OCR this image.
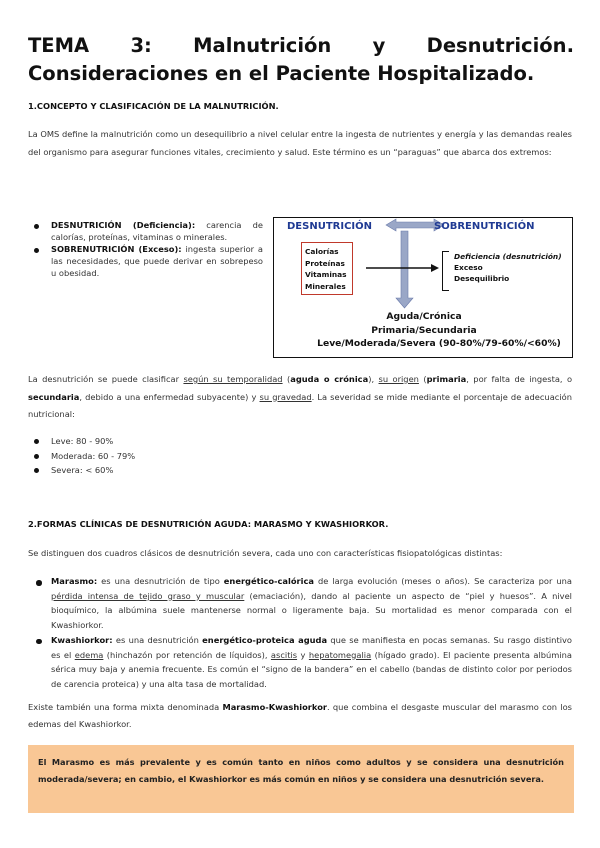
TEMA 3: Malnutrición y Desnutrición.
Consideraciones en el Paciente Hospitalizado.
1.CONCEPTO Y CLASIFICACIÓN DE LA MALNUTRICIÓN.

La OMS define la malnutrición como un desequilibrio a nivel celular entre la ingesta de nutrientes y energía y las demandas reales del organismo para asegurar funciones vitales, crecimiento y salud. Este término es un “paraguas” que abarca dos extremos:

DESNUTRICIÓN (Deficiencia): carencia de calorías, proteínas, vitaminas o minerales.
SOBRENUTRICIÓN (Exceso): ingesta superior a las necesidades, que puede derivar en sobrepeso u obesidad.
DESNUTRICIÓN	SOBRENUTRICIÓN
Calorías
Proteínas
Vitaminas
Minerales
Deficiencia (desnutrición)
Exceso
Desequilibrio
Aguda/Crónica
Primaria/Secundaria
Leve/Moderada/Severa (90-80%/79-60%/<60%)

La desnutrición se puede clasificar según su temporalidad (aguda o crónica), su origen (primaria, por falta de ingesta, o secundaria, debido a una enfermedad subyacente) y su gravedad. La severidad se mide mediante el porcentaje de adecuación nutricional:

Leve: 80 - 90%
Moderada: 60 - 79%
Severa: < 60%
2.FORMAS CLÍNICAS DE DESNUTRICIÓN AGUDA: MARASMO Y KWASHIORKOR.

Se distinguen dos cuadros clásicos de desnutrición severa, cada uno con características fisiopatológicas distintas:

Marasmo: es una desnutrición de tipo energético-calórica de larga evolución (meses o años). Se caracteriza por una pérdida intensa de tejido graso y muscular (emaciación), dando al paciente un aspecto de “piel y huesos”. A nivel bioquímico, la albúmina suele mantenerse normal o ligeramente baja. Su mortalidad es menor comparada con el Kwashiorkor.
Kwashiorkor: es una desnutrición energético-proteica aguda que se manifiesta en pocas semanas. Su rasgo distintivo es el edema (hinchazón por retención de líquidos), ascitis y hepatomegalia (hígado grado). El paciente presenta albúmina sérica muy baja y anemia frecuente. Es común el “signo de la bandera” en el cabello (bandas de distinto color por periodos de carencia proteica) y una alta tasa de mortalidad.

Existe también una forma mixta denominada Marasmo-Kwashiorkor. que combina el desgaste muscular del marasmo con los edemas del Kwashiorkor.

El Marasmo es más prevalente y es común tanto en niños como adultos y se considera una desnutrición moderada/severa; en cambio, el Kwashiorkor es más común en niños y se considera una desnutrición severa.
